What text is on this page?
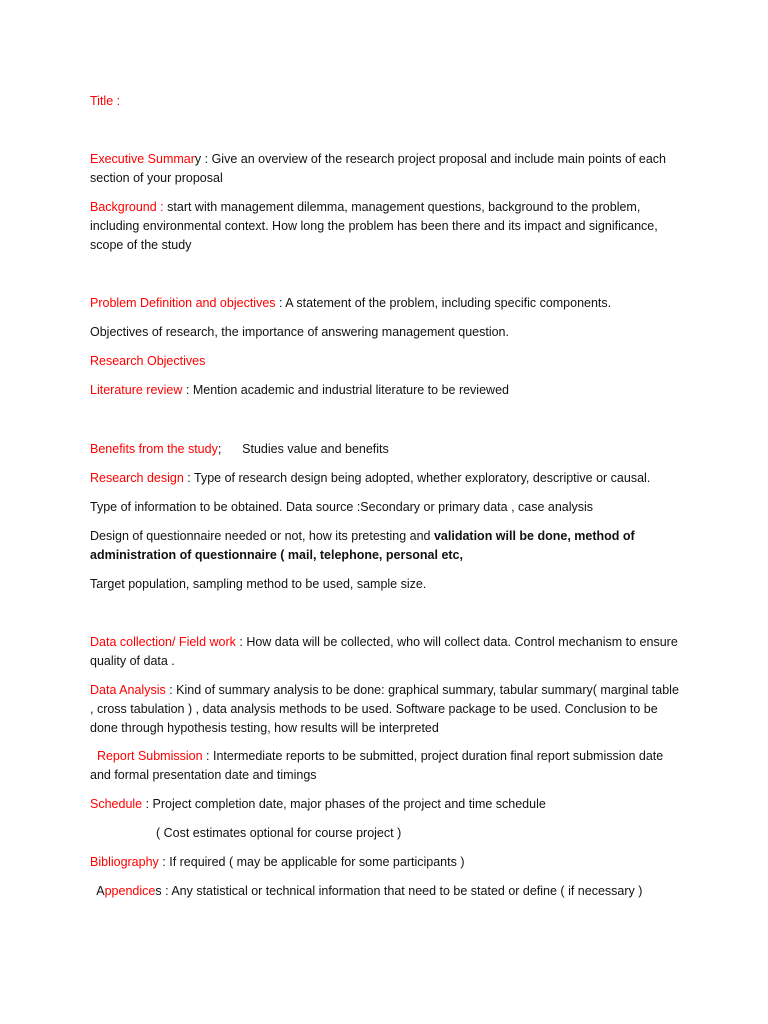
Title :

Executive Summary : Give an overview of the research project proposal and include main points of each section of your proposal

Background : start with management dilemma, management questions, background to the problem, including environmental context. How long the problem has been there and its impact and significance, scope of the study

Problem Definition and objectives : A statement of the problem, including specific components.

Objectives of research, the importance of answering management question.

Research Objectives

Literature review : Mention academic and industrial literature to be reviewed

Benefits from the study;      Studies value and benefits

Research design : Type of research design being adopted, whether exploratory, descriptive or causal.

Type of information to be obtained. Data source :Secondary or primary data , case analysis

Design of questionnaire needed or not, how its pretesting and validation will be done, method of administration of questionnaire ( mail, telephone, personal etc,

Target population, sampling method to be used, sample size.

Data collection/ Field work : How data will be collected, who will collect data. Control mechanism to ensure quality of data .

Data Analysis : Kind of summary analysis to be done: graphical summary, tabular summary( marginal table , cross tabulation ) , data analysis methods to be used. Software package to be used. Conclusion to be done through hypothesis testing, how results will be interpreted

Report Submission : Intermediate reports to be submitted, project duration final report submission date and formal presentation date and timings

Schedule : Project completion date, major phases of the project and time schedule

( Cost estimates optional for course project )

Bibliography : If required ( may be applicable for some participants )

Appendices : Any statistical or technical information that need to be stated or define ( if necessary )
